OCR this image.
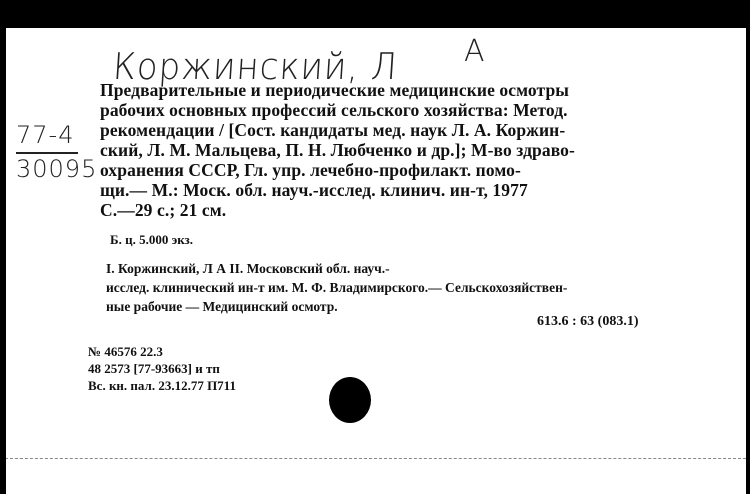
Коржинский, Л А
77-4
30095
Предварительные и периодические медицинские осмотры
рабочих основных профессий сельского хозяйства: Метод.
рекомендации / [Сост. кандидаты мед. наук Л. А. Коржин-
ский, Л. М. Мальцева, П. Н. Любченко и др.]; М-во здраво-
охранения СССР, Гл. упр. лечебно-профилакт. помо-
щи.— М.: Моск. обл. науч.-исслед. клинич. ин-т, 1977
С.—29 с.; 21 см.
Б. ц. 5.000 экз.
I. Коржинский, Л А II. Московский обл. науч.-
исслед. клинический ин-т им. М. Ф. Владимирского.— Сельскохозяйствен-
ные рабочие — Медицинский осмотр.
613.6 : 63 (083.1)
№ 46576 22.3
48 2573 [77-93663] и тп
Вс. кн. пал. 23.12.77 П711
